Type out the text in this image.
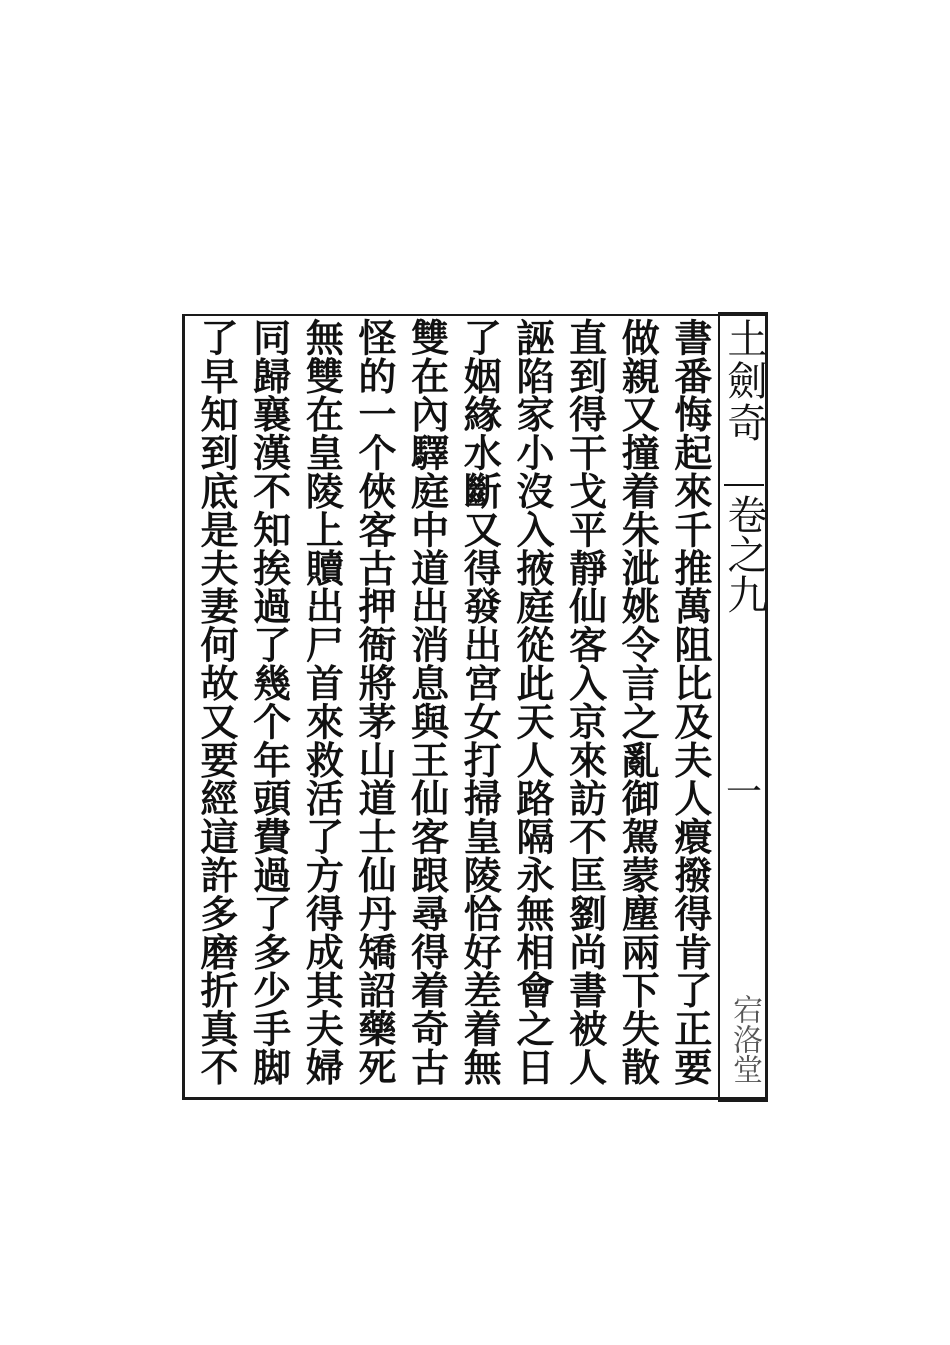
土劍奇
卷之九
一
宕洛堂
書番悔起來千推萬阻比及夫人癏撥得肯了正要
做親又撞着朱泚姚令言之亂御駕蒙塵兩下失散
直到得干戈平靜仙客入京來訪不匡劉尚書被人
誣陷家小沒入掖庭從此天人路隔永無相會之日
了姻緣水斷又得發出宮女打掃皇陵恰好差着無
雙在內驛庭中道出消息與王仙客跟尋得着奇古
怪的一个俠客古押衙將茅山道士仙丹矯詔藥死
無雙在皇陵上贖出尸首來救活了方得成其夫婦
同歸襄漢不知挨過了幾个年頭費過了多少手脚
了早知到底是夫妻何故又要經這許多磨折真不
